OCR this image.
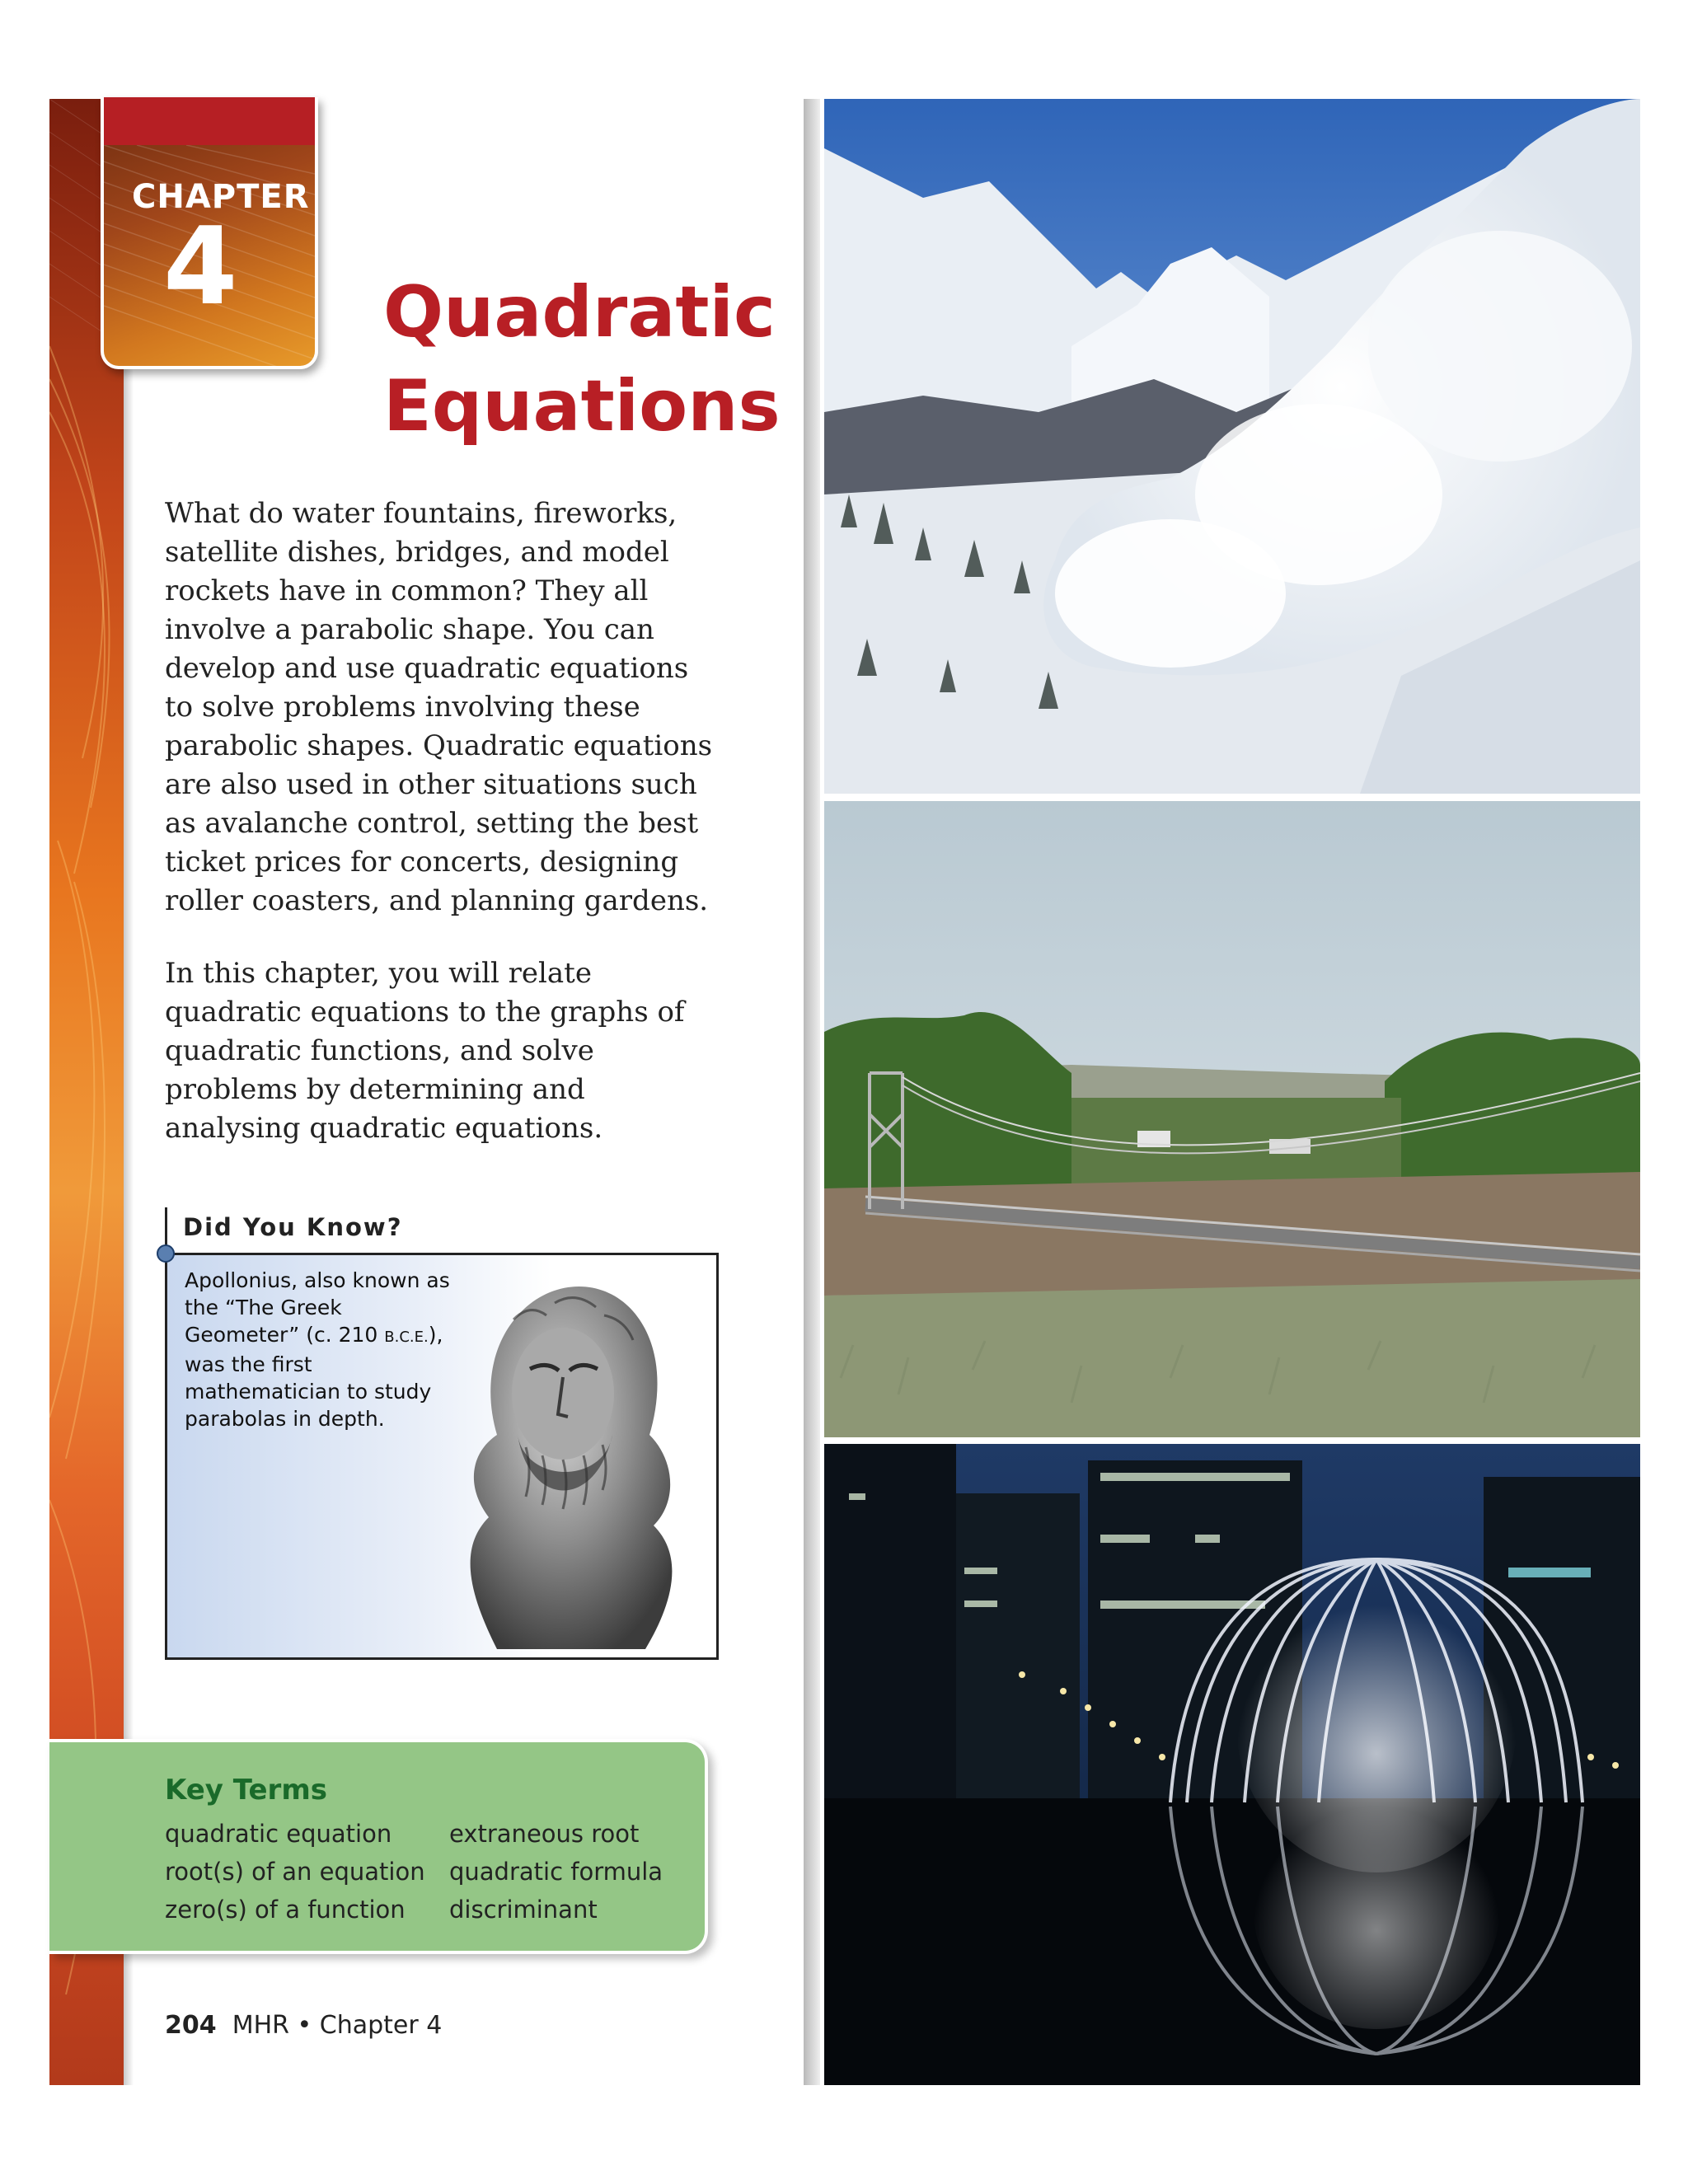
CHAPTER
4 Quadratic
Equations
What do water fountains, fireworks, satellite dishes, bridges, and model rockets have in common? They all involve a parabolic shape. You can develop and use quadratic equations to solve problems involving these parabolic shapes. Quadratic equations are also used in other situations such as avalanche control, setting the best ticket prices for concerts, designing roller coasters, and planning gardens.
In this chapter, you will relate quadratic equations to the graphs of quadratic functions, and solve problems by determining and analysing quadratic equations.
Did You Know?
Apollonius, also known as the “The Greek Geometer” (c. 210 B.C.E.), was the first mathematician to study parabolas in depth.
Key Terms
quadratic equation
root(s) of an equation
zero(s) of a function
extraneous root
quadratic formula
discriminant
204 MHR • Chapter 4
